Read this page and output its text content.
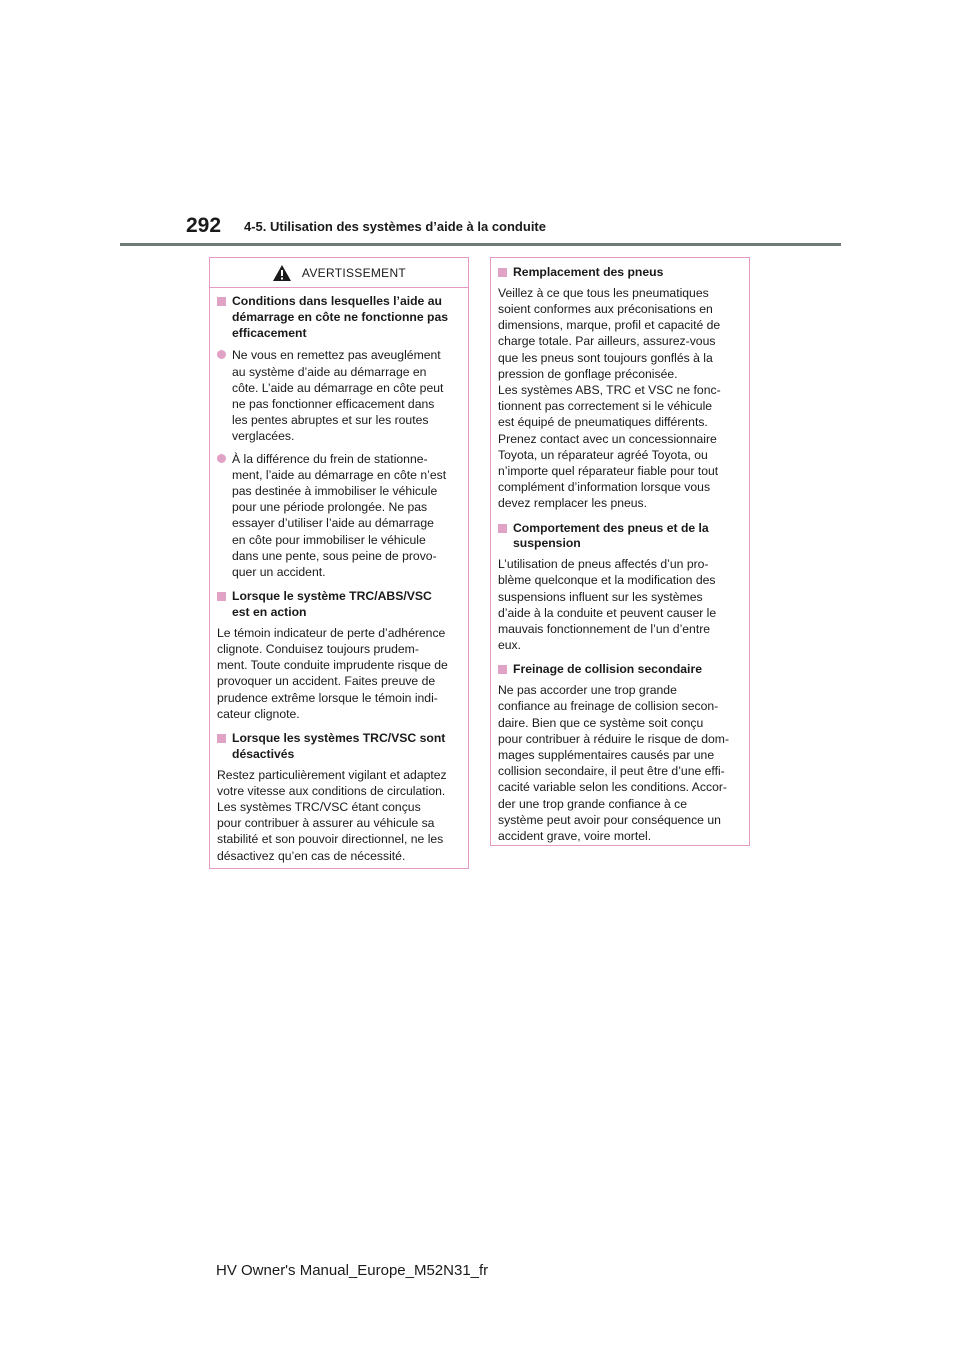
292 4-5. Utilisation des systèmes d’aide à la conduite
AVERTISSEMENT
Conditions dans lesquelles l’aide au
démarrage en côte ne fonctionne pas
efficacement
Ne vous en remettez pas aveuglément
au système d’aide au démarrage en
côte. L’aide au démarrage en côte peut
ne pas fonctionner efficacement dans
les pentes abruptes et sur les routes
verglacées.
À la différence du frein de stationne-
ment, l’aide au démarrage en côte n’est
pas destinée à immobiliser le véhicule
pour une période prolongée. Ne pas
essayer d’utiliser l’aide au démarrage
en côte pour immobiliser le véhicule
dans une pente, sous peine de provo-
quer un accident.
Lorsque le système TRC/ABS/VSC
est en action
Le témoin indicateur de perte d’adhérence
clignote. Conduisez toujours prudem-
ment. Toute conduite imprudente risque de
provoquer un accident. Faites preuve de
prudence extrême lorsque le témoin indi-
cateur clignote.
Lorsque les systèmes TRC/VSC sont
désactivés
Restez particulièrement vigilant et adaptez
votre vitesse aux conditions de circulation.
Les systèmes TRC/VSC étant conçus
pour contribuer à assurer au véhicule sa
stabilité et son pouvoir directionnel, ne les
désactivez qu’en cas de nécessité.
Remplacement des pneus
Veillez à ce que tous les pneumatiques
soient conformes aux préconisations en
dimensions, marque, profil et capacité de
charge totale. Par ailleurs, assurez-vous
que les pneus sont toujours gonflés à la
pression de gonflage préconisée.
Les systèmes ABS, TRC et VSC ne fonc-
tionnent pas correctement si le véhicule
est équipé de pneumatiques différents.
Prenez contact avec un concessionnaire
Toyota, un réparateur agréé Toyota, ou
n’importe quel réparateur fiable pour tout
complément d’information lorsque vous
devez remplacer les pneus.
Comportement des pneus et de la
suspension
L’utilisation de pneus affectés d’un pro-
blème quelconque et la modification des
suspensions influent sur les systèmes
d’aide à la conduite et peuvent causer le
mauvais fonctionnement de l’un d’entre
eux.
Freinage de collision secondaire
Ne pas accorder une trop grande
confiance au freinage de collision secon-
daire. Bien que ce système soit conçu
pour contribuer à réduire le risque de dom-
mages supplémentaires causés par une
collision secondaire, il peut être d’une effi-
cacité variable selon les conditions. Accor-
der une trop grande confiance à ce
système peut avoir pour conséquence un
accident grave, voire mortel.
HV Owner's Manual_Europe_M52N31_fr
